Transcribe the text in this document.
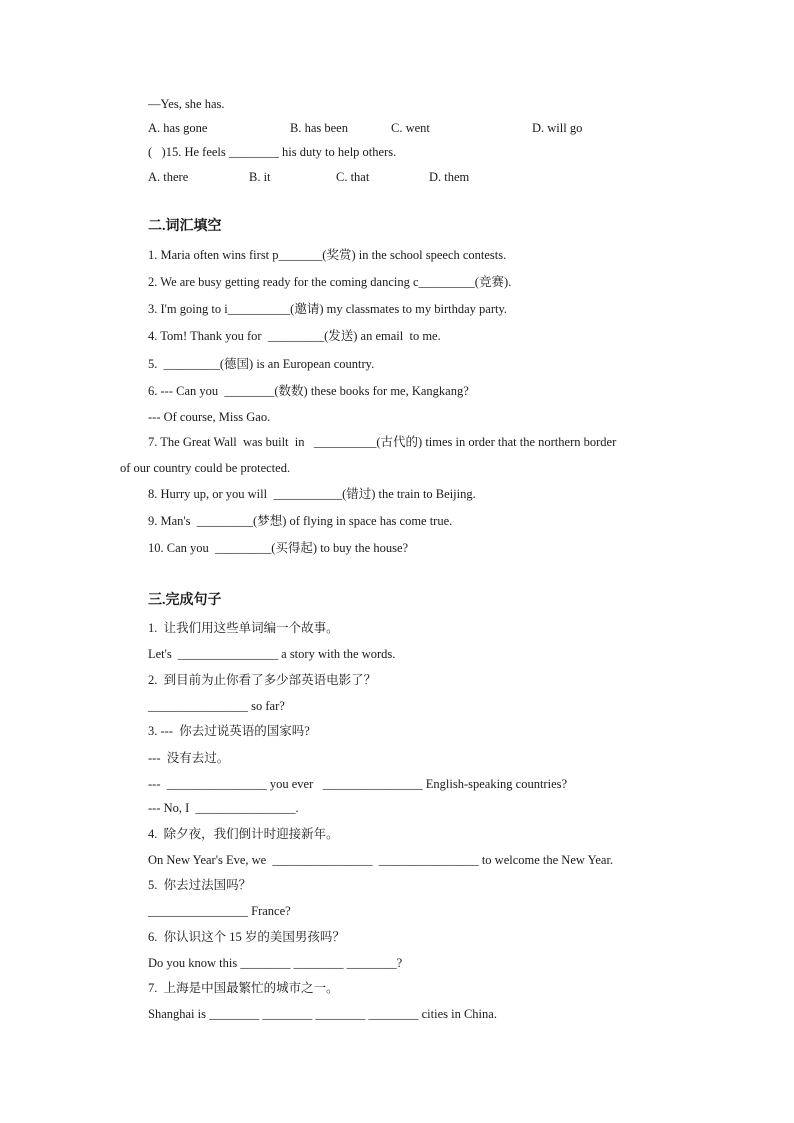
—Yes, she has.
A. has gone	B. has been	C. went	D. will go
(   )15. He feels ________ his duty to help others.
A. there	B. it	C. that	D. them
二.词汇填空
1. Maria often wins first p_______(奖赏) in the school speech contests.
2. We are busy getting ready for the coming dancing c_________(竞赛).
3. I'm going to i__________(邀请) my classmates to my birthday party.
4. Tom! Thank you for  _________(发送) an email  to me.
5.  _________(德国) is an European country.
6. --- Can you  ________(数数) these books for me, Kangkang?
--- Of course, Miss Gao.
7. The Great Wall  was built  in   __________(古代的) times in order that the northern border
of our country could be protected.
8. Hurry up, or you will  ___________(错过) the train to Beijing.
9. Man's  _________(梦想) of flying in space has come true.
10. Can you  _________(买得起) to buy the house?
三.完成句子
1.  让我们用这些单词编一个故事。
Let's  ________________ a story with the words.
2.  到目前为止你看了多少部英语电影了？
________________ so far?
3. ---  你去过说英语的国家吗?
---  没有去过。
---  ________________ you ever   ________________ English-speaking countries?
--- No, I  ________________.
4.  除夕夜，我们倒计时迎接新年。
On New Year's Eve, we  ________________  ________________ to welcome the New Year.
5.  你去过法国吗？
________________ France?
6.  你认识这个 15 岁的美国男孩吗？
Do you know this ________ ________ ________?
7.  上海是中国最繁忙的城市之一。
Shanghai is ________ ________ ________ ________ cities in China.
